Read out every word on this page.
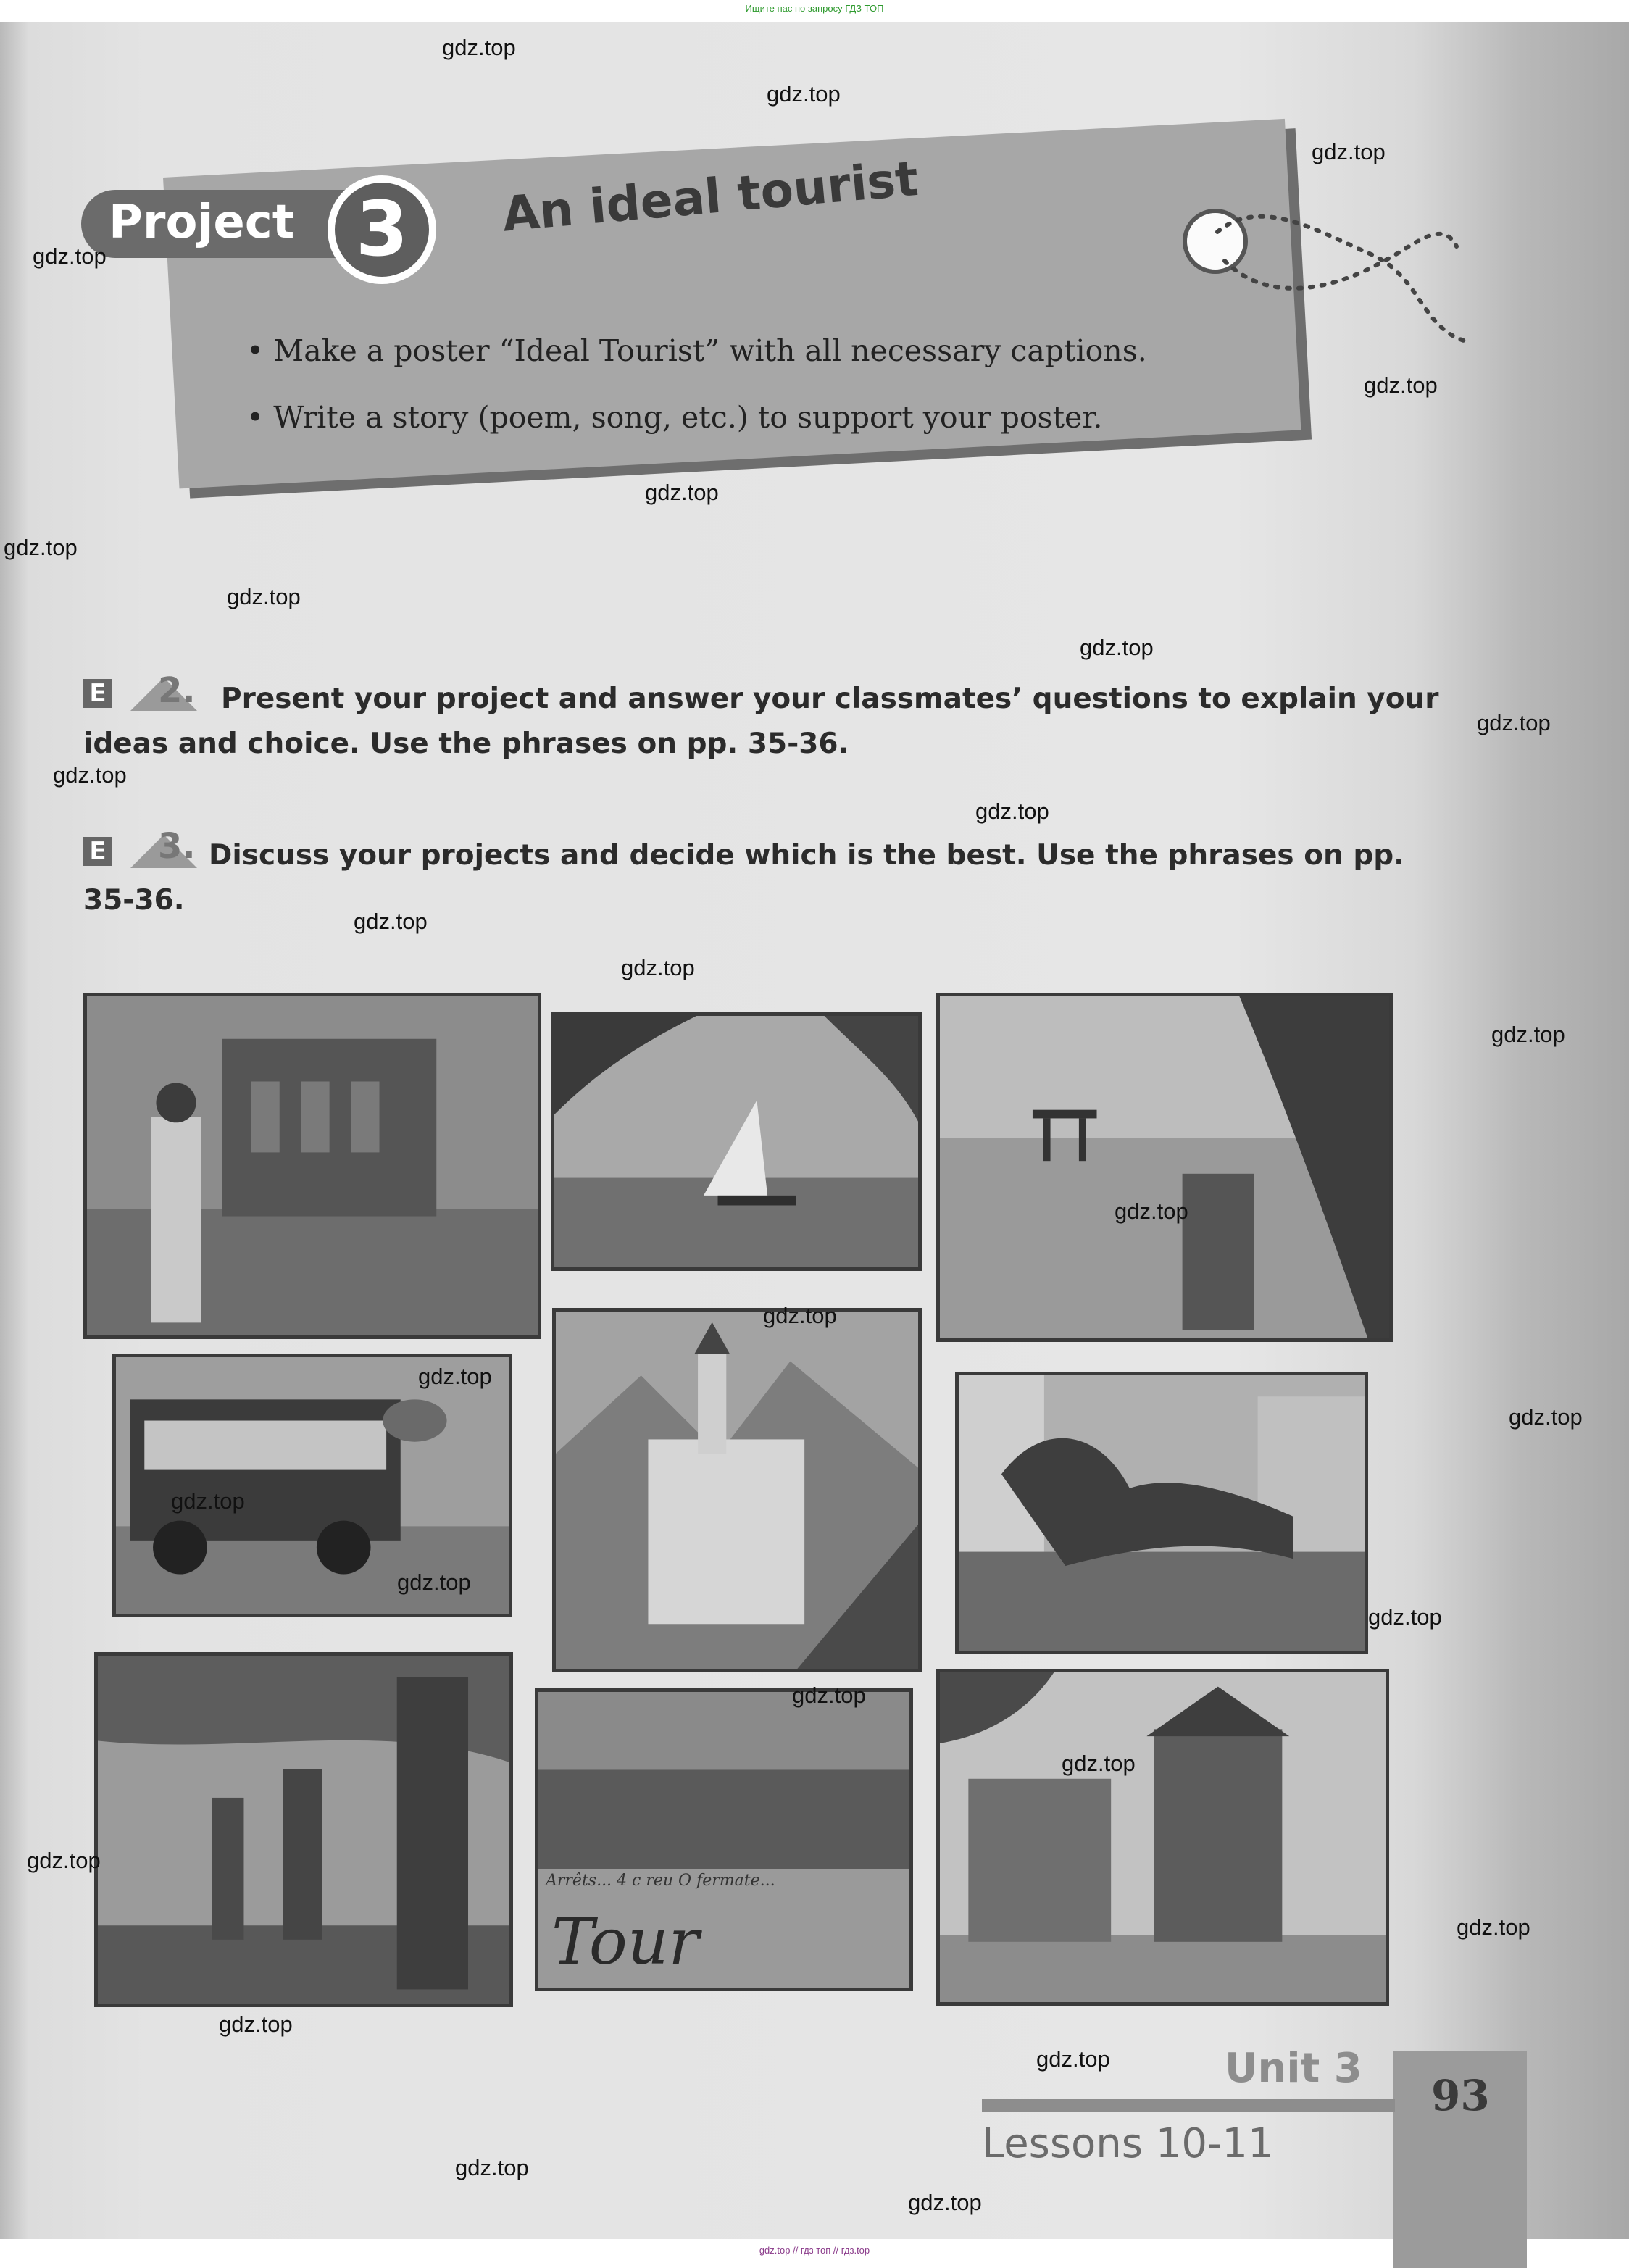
Ищите нас по запросу ГДЗ ТОП
An ideal tourist
Project 3
• Make a poster “Ideal Tourist” with all necessary captions.
• Write a story (poem, song, etc.) to support your poster.
E 2. Present your project and answer your classmates’ questions to explain your
ideas and choice. Use the phrases on pp. 35-36.
E 3. Discuss your projects and decide which is the best. Use the phrases on pp.
35-36.
Arrêts... 4 c reu O fermate...
Tour
93
Unit 3
Lessons 10-11
gdz.top
gdz.top
gdz.top
gdz.top
gdz.top
gdz.top
gdz.top
gdz.top
gdz.top
gdz.top
gdz.top
gdz.top
gdz.top
gdz.top
gdz.top
gdz.top
gdz.top
gdz.top
gdz.top
gdz.top
gdz.top
gdz.top
gdz.top
gdz.top
gdz.top
gdz.top
gdz.top
gdz.top
gdz.top
gdz.top
gdz.top // гдз топ // гдз.top
